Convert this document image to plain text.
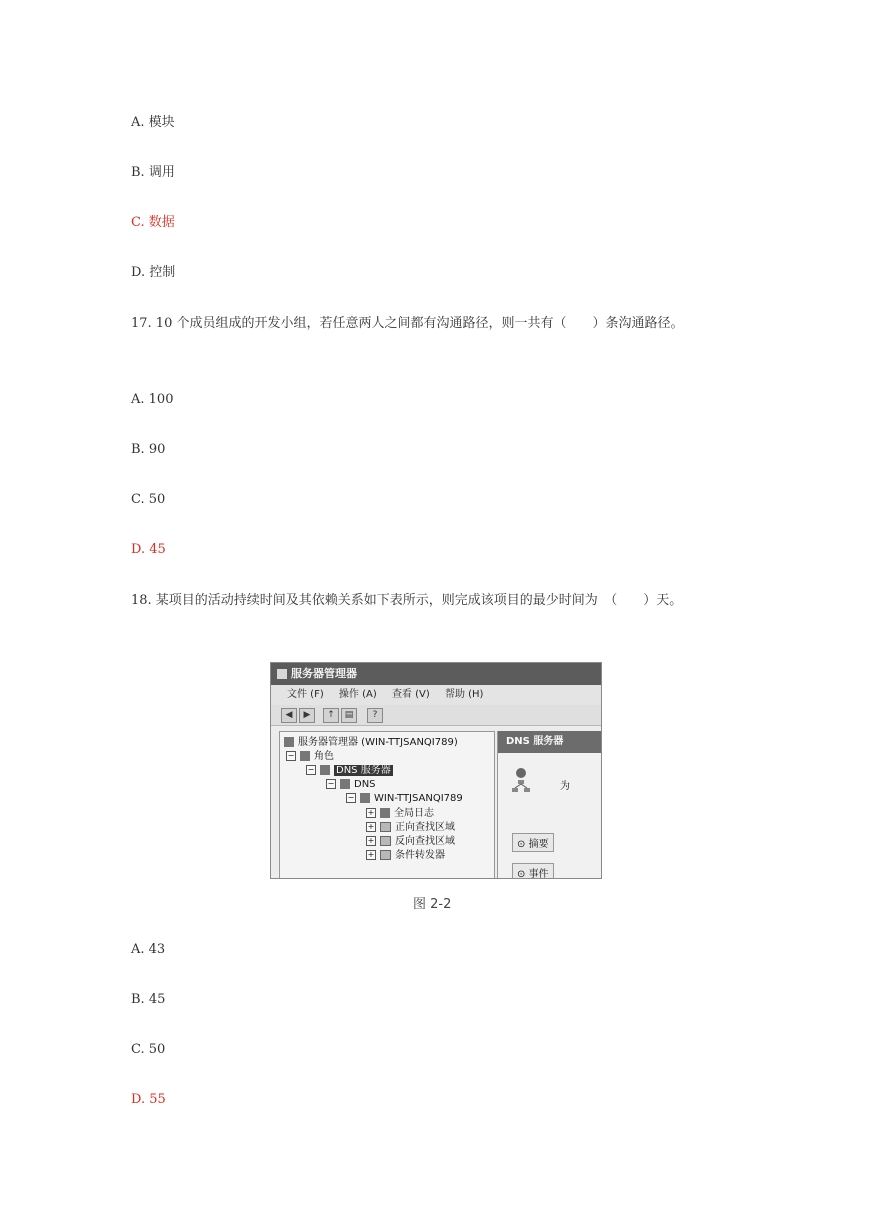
A. 模块
B. 调用
C. 数据
D. 控制
17. 10 个成员组成的开发小组，若任意两人之间都有沟通路径，则一共有（　　）条沟通路径。
A. 100
B. 90
C. 50
D. 45
18. 某项目的活动持续时间及其依赖关系如下表所示，则完成该项目的最少时间为　（　　）天。
服务器管理器
文件 (F) 操作 (A) 查看 (V) 帮助 (H)
◀	▶	↑	▤	?
服务器管理器 (WIN-TTJSANQI789)
− 角色
− DNS 服务器
− DNS
− WIN-TTJSANQI789
+ 全局日志
+ 正向查找区域
+ 反向查找区域
+ 条件转发器
DNS 服务器
为
⊙ 摘要
⊙ 事件
图 2-2
A. 43
B. 45
C. 50
D. 55
